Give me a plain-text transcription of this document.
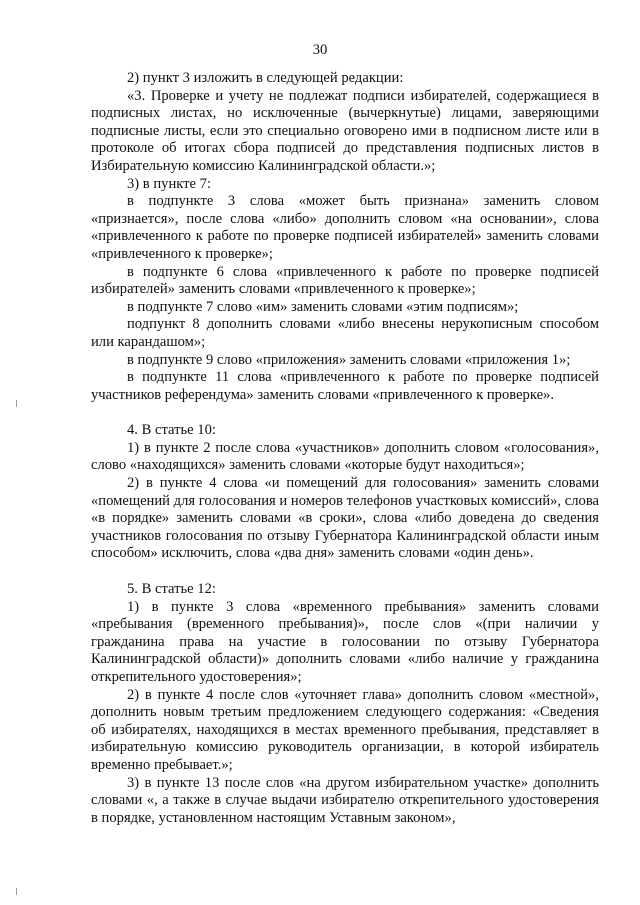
30

2) пункт 3 изложить в следующей редакции:

«3. Проверке и учету не подлежат подписи избирателей, содержащиеся в подписных листах, но исключенные (вычеркнутые) лицами, заверяющими подписные листы, если это специально оговорено ими в подписном листе или в протоколе об итогах сбора подписей до представления подписных листов в Избирательную комиссию Калининградской области.»;

3) в пункте 7:

в подпункте 3 слова «может быть признана» заменить словом «признается», после слова «либо» дополнить словом «на основании», слова «привлеченного к работе по проверке подписей избирателей» заменить словами «привлеченного к проверке»;

в подпункте 6 слова «привлеченного к работе по проверке подписей избирателей» заменить словами «привлеченного к проверке»;

в подпункте 7 слово «им» заменить словами «этим подписям»;

подпункт 8 дополнить словами «либо внесены нерукописным способом или карандашом»;

в подпункте 9 слово «приложения» заменить словами «приложения 1»;

в подпункте 11 слова «привлеченного к работе по проверке подписей участников референдума» заменить словами «привлеченного к проверке».

4. В статье 10:

1) в пункте 2 после слова «участников» дополнить словом «голосования», слово «находящихся» заменить словами «которые будут находиться»;

2) в пункте 4 слова «и помещений для голосования» заменить словами «помещений для голосования и номеров телефонов участковых комиссий», слова «в порядке» заменить словами «в сроки», слова «либо доведена до сведения участников голосования по отзыву Губернатора Калининградской области иным способом» исключить, слова «два дня» заменить словами «один день».

5. В статье 12:

1) в пункте 3 слова «временного пребывания» заменить словами «пребывания (временного пребывания)», после слов «(при наличии у гражданина права на участие в голосовании по отзыву Губернатора Калининградской области)» дополнить словами «либо наличие у гражданина открепительного удостоверения»;

2) в пункте 4 после слов «уточняет глава» дополнить словом «местной», дополнить новым третьим предложением следующего содержания: «Сведения об избирателях, находящихся в местах временного пребывания, представляет в избирательную комиссию руководитель организации, в которой избиратель временно пребывает.»;

3) в пункте 13 после слов «на другом избирательном участке» дополнить словами «, а также в случае выдачи избирателю открепительного удостоверения в порядке, установленном настоящим Уставным законом»,
